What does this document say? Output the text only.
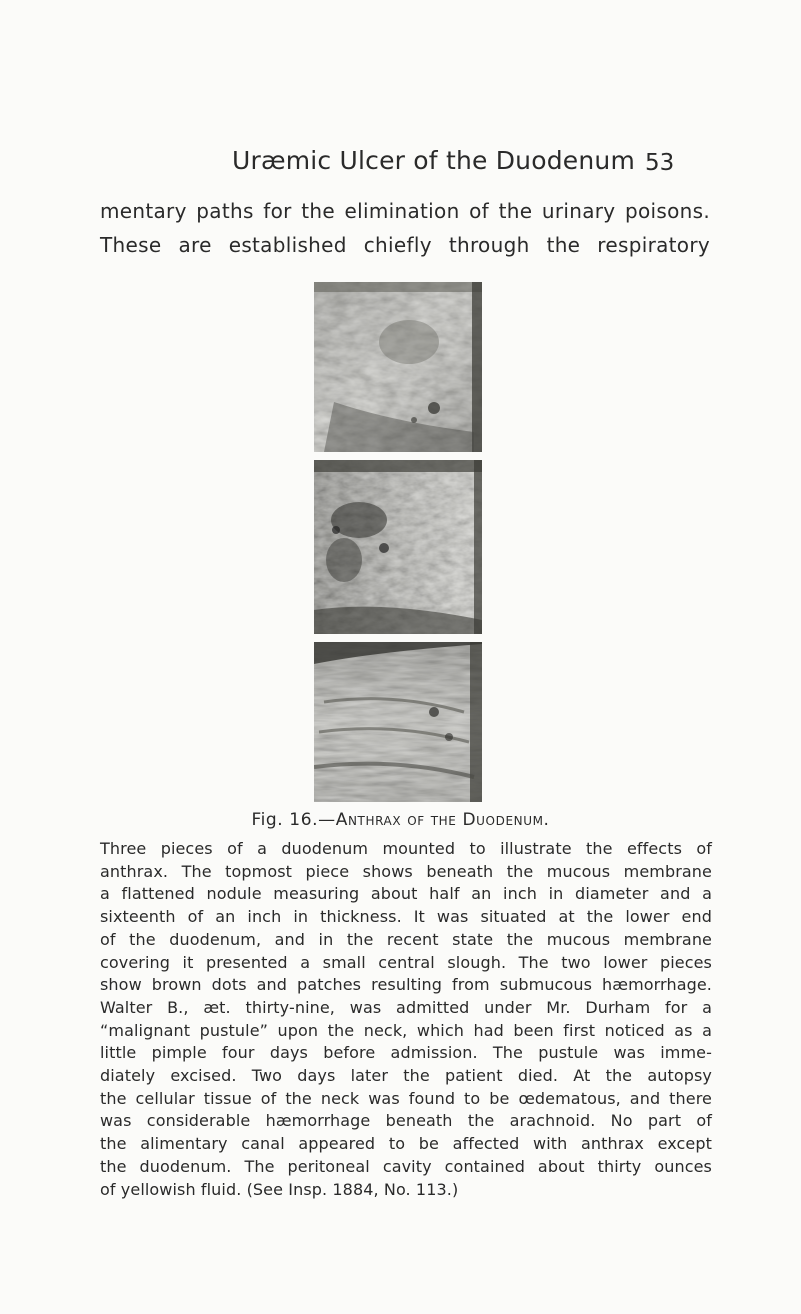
Uræmic Ulcer of the Duodenum 53
mentary paths for the elimination of the urinary poisons.
These are established chiefly through the respiratory
Fig. 16.—Anthrax of the Duodenum.
Three pieces of a duodenum mounted to illustrate the effects of
anthrax. The topmost piece shows beneath the mucous membrane
a flattened nodule measuring about half an inch in diameter and a
sixteenth of an inch in thickness. It was situated at the lower end
of the duodenum, and in the recent state the mucous membrane
covering it presented a small central slough. The two lower pieces
show brown dots and patches resulting from submucous hæmorrhage.
Walter B., æt. thirty-nine, was admitted under Mr. Durham for a
“malignant pustule” upon the neck, which had been first noticed as a
little pimple four days before admission. The pustule was imme-
diately excised. Two days later the patient died. At the autopsy
the cellular tissue of the neck was found to be œdematous, and there
was considerable hæmorrhage beneath the arachnoid. No part of
the alimentary canal appeared to be affected with anthrax except
the duodenum. The peritoneal cavity contained about thirty ounces
of yellowish fluid. (See Insp. 1884, No. 113.)
